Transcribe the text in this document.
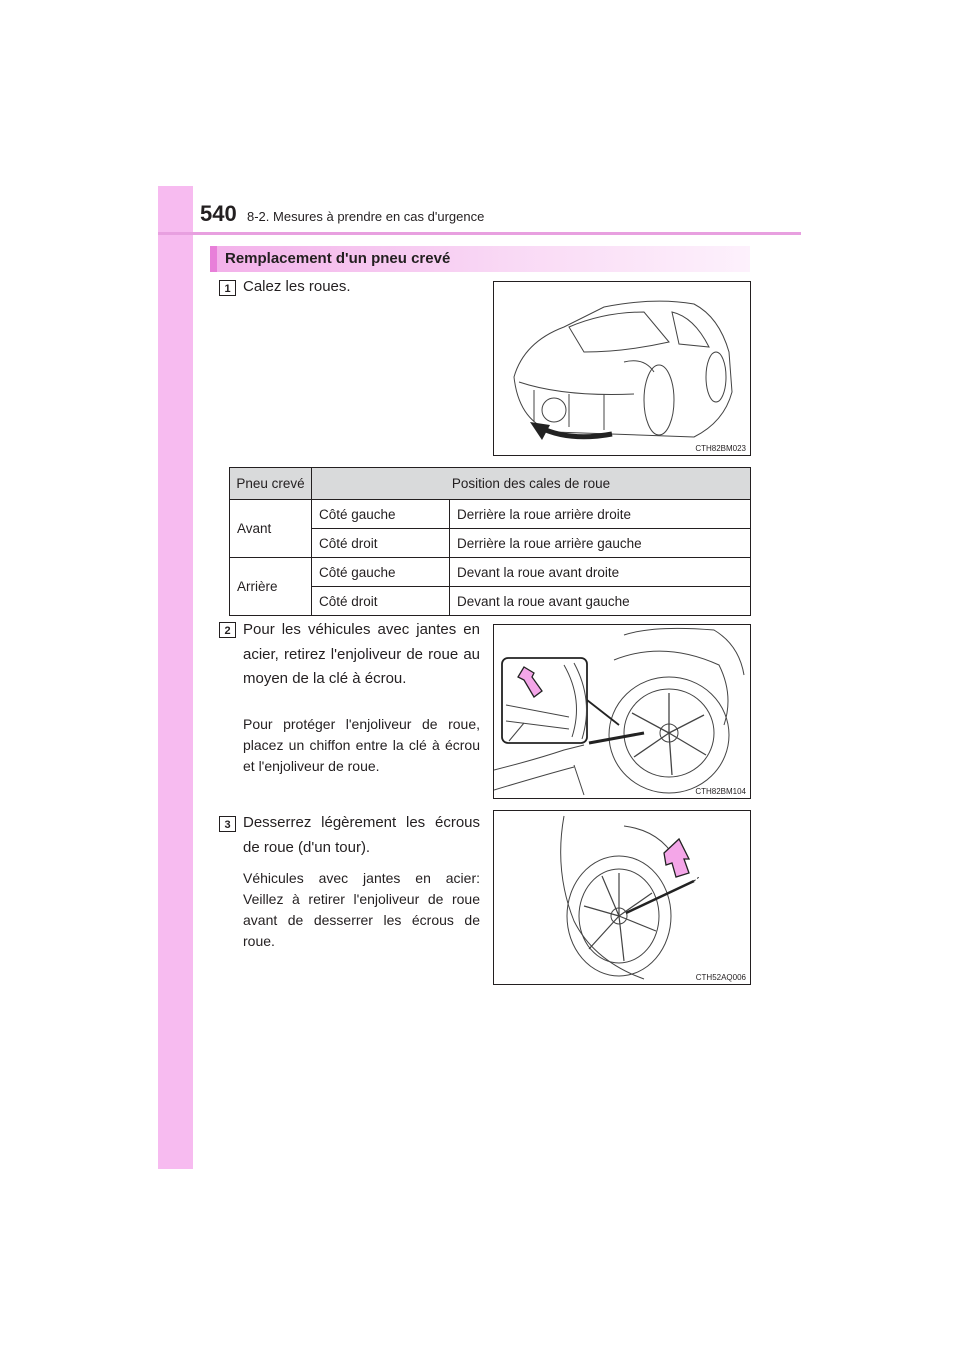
540 8-2. Mesures à prendre en cas d'urgence
Remplacement d'un pneu crevé
1 Calez les roues.
CTH82BM023
Pneu crevé	Position des cales de roue	
Avant	Côté gauche	Derrière la roue arrière droite
	Côté droit	Derrière la roue arrière gauche
Arrière	Côté gauche	Devant la roue avant droite
	Côté droit	Devant la roue avant gauche
2 Pour les véhicules avec jantes en acier, retirez l'enjoliveur de roue au moyen de la clé à écrou.
Pour protéger l'enjoliveur de roue, placez un chiffon entre la clé à écrou et l'enjoliveur de roue.
CTH82BM104
3 Desserrez légèrement les écrous de roue (d'un tour).
Véhicules avec jantes en acier: Veillez à retirer l'enjoliveur de roue avant de desserrer les écrous de roue.
CTH52AQ006
